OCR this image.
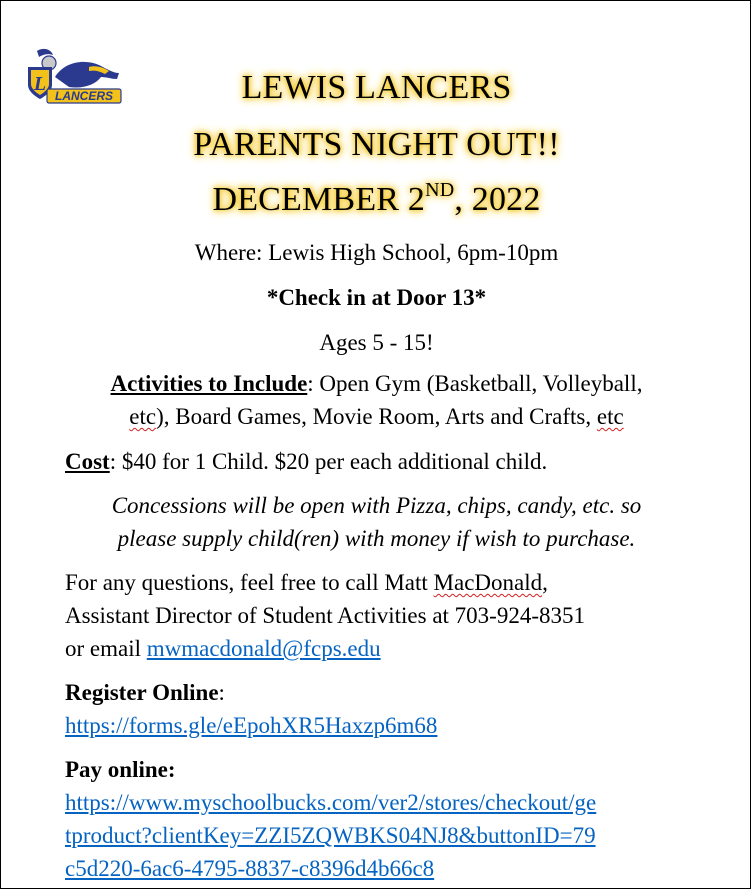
L
LANCERS	LEWIS LANCERS
PARENTS NIGHT OUT!!
DECEMBER 2ND, 2022
Where: Lewis High School, 6pm-10pm
*Check in at Door 13*
Ages 5 - 15!
Activities to Include: Open Gym (Basketball, Volleyball,
etc), Board Games, Movie Room, Arts and Crafts, etc
Cost: $40 for 1 Child. $20 per each additional child.
Concessions will be open with Pizza, chips, candy, etc. so
please supply child(ren) with money if wish to purchase.
For any questions, feel free to call Matt MacDonald,
Assistant Director of Student Activities at 703-924-8351
or email mwmacdonald@fcps.edu
Register Online:
https://forms.gle/eEpohXR5Haxzp6m68
Pay online:
https://www.myschoolbucks.com/ver2/stores/checkout/ge
tproduct?clientKey=ZZI5ZQWBKS04NJ8&buttonID=79
c5d220-6ac6-4795-8837-c8396d4b66c8
